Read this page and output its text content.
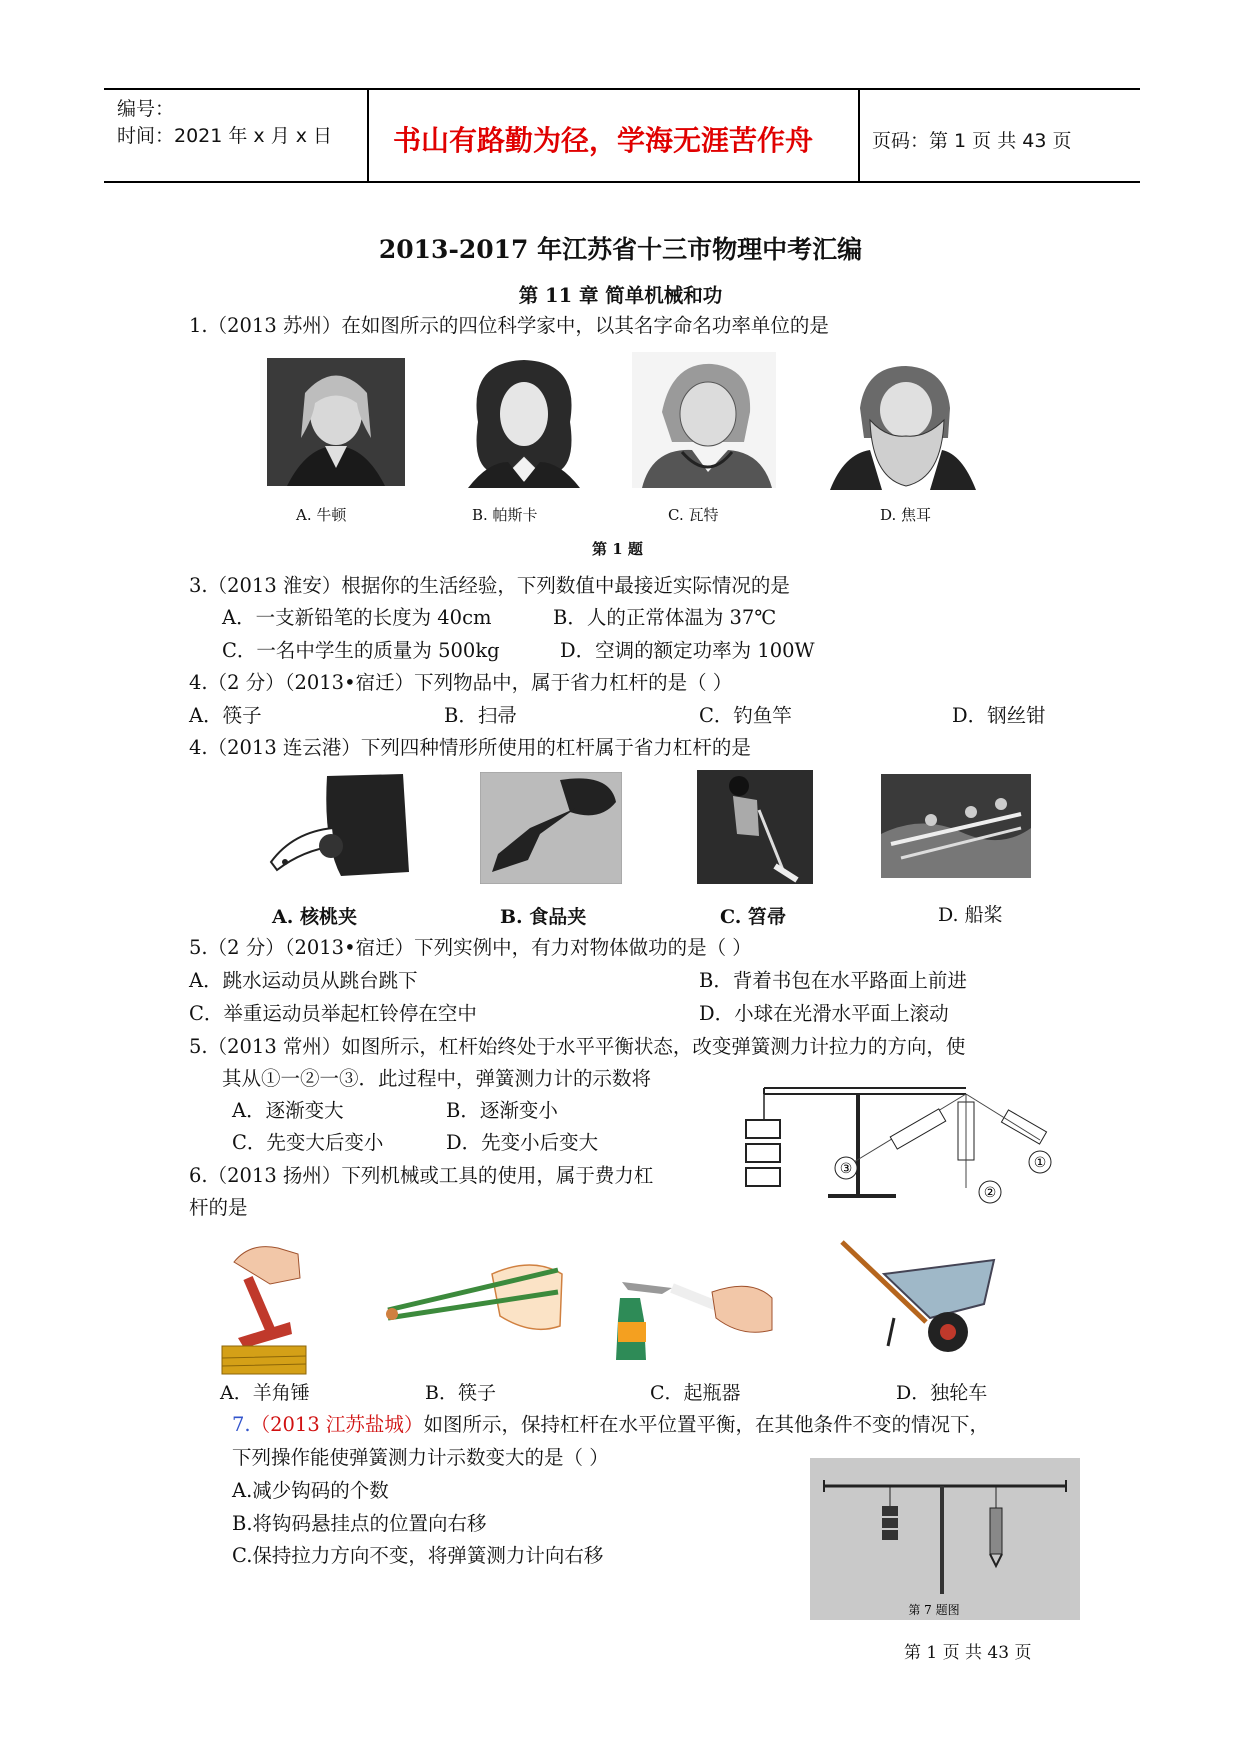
编号：
时间：2021 年 x 月 x 日 书山有路勤为径，学海无涯苦作舟	页码：第 1 页 共 43 页
2013-2017 年江苏省十三市物理中考汇编
第 11 章 简单机械和功
1.（2013 苏州）在如图所示的四位科学家中，以其名字命名功率单位的是
A. 牛顿	B. 帕斯卡	C. 瓦特	D. 焦耳
第 1 题
3.（2013 淮安）根据你的生活经验，下列数值中最接近实际情况的是
A．一支新铅笔的长度为 40cm	B．人的正常体温为 37℃
C．一名中学生的质量为 500kg	D．空调的额定功率为 100W
4.（2 分）（2013•宿迁）下列物品中，属于省力杠杆的是（ ）
A．筷子	B．扫帚	C．钓鱼竿	D．钢丝钳
4.（2013 连云港）下列四种情形所使用的杠杆属于省力杠杆的是
A. 核桃夹	B. 食品夹	C. 笤帚	D. 船桨
5.（2 分）（2013•宿迁）下列实例中，有力对物体做功的是（ ）
A．跳水运动员从跳台跳下	B．背着书包在水平路面上前进
C．举重运动员举起杠铃停在空中	D．小球在光滑水平面上滚动
5.（2013 常州）如图所示，杠杆始终处于水平平衡状态，改变弹簧测力计拉力的方向，使
其从①一②一③．此过程中，弹簧测力计的示数将
A．逐渐变大	B．逐渐变小
C．先变大后变小	D．先变小后变大
③
②
①
6.（2013 扬州）下列机械或工具的使用，属于费力杠
杆的是
A．羊角锤	B．筷子	C．起瓶器	D．独轮车
7.（2013 江苏盐城）如图所示，保持杠杆在水平位置平衡，在其他条件不变的情况下，
下列操作能使弹簧测力计示数变大的是（ ）
A.减少钩码的个数
B.将钩码悬挂点的位置向右移
C.保持拉力方向不变，将弹簧测力计向右移
第 7 题图
第 1 页 共 43 页
